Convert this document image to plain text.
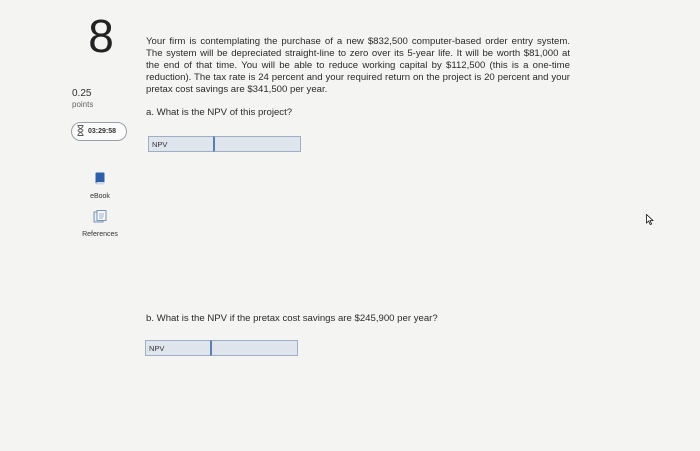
8
0.25
points
03:29:58
eBook
References

Your firm is contemplating the purchase of a new $832,500 computer-based order entry system. The system will be depreciated straight-line to zero over its 5-year life. It will be worth $81,000 at the end of that time. You will be able to reduce working capital by $112,500 (this is a one-time reduction). The tax rate is 24 percent and your required return on the project is 20 percent and your pretax cost savings are $341,500 per year.

a. What is the NPV of this project?
NPV
b. What is the NPV if the pretax cost savings are $245,900 per year?
NPV
